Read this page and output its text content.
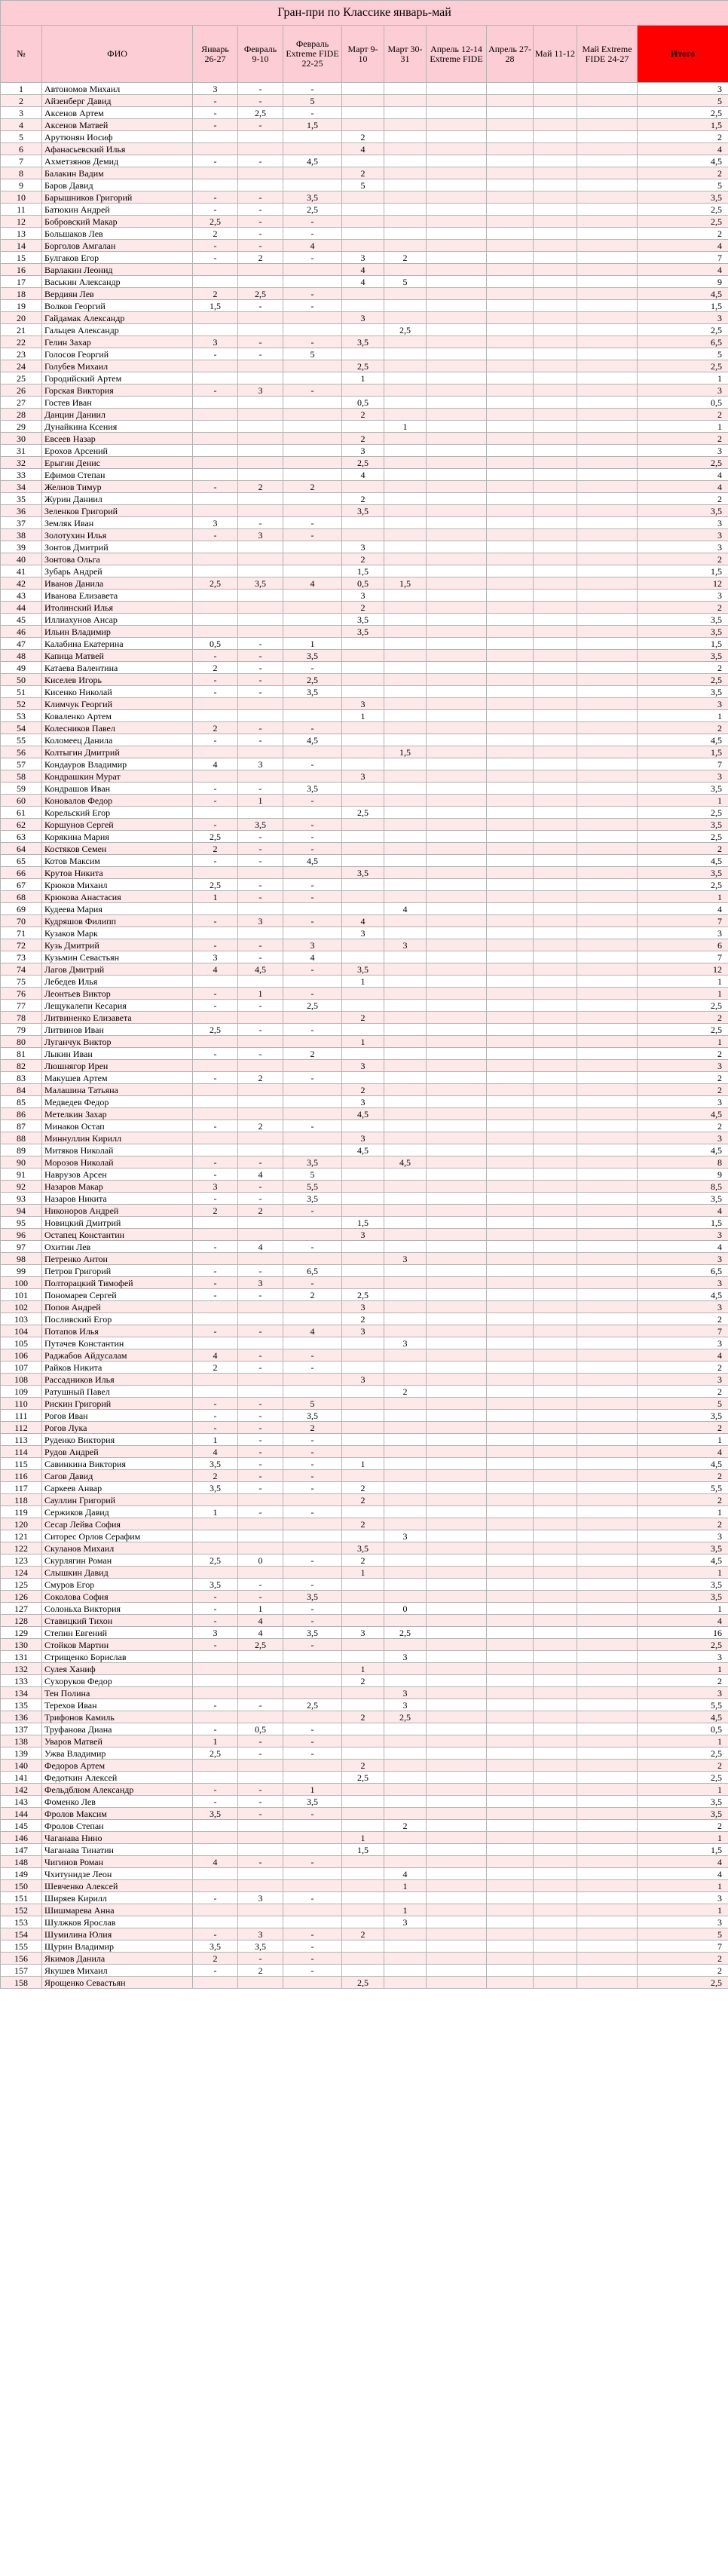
Гран-при по Классике январь-май											
№	ФИО	Январь 26-27	Февраль 9-10	Февраль Extreme FIDE 22-25	Март 9-10	Март 30-31	Апрель 12-14 Extreme FIDE	Апрель 27-28	Май 11-12	Май Extreme FIDE 24-27	Итого
1	Автономов Михаил	3	-	-							3
2	Айзенберг Давид	-	-	5							5
3	Аксенов Артем	-	2,5	-							2,5
4	Аксенов Матвей	-	-	1,5							1,5
5	Арутюнян Иосиф				2						2
6	Афанасьевский Илья				4						4
7	Ахметзянов Демид	-	-	4,5							4,5
8	Балакин Вадим				2						2
9	Баров Давид				5						5
10	Барышников Григорий	-	-	3,5							3,5
11	Батюкин Андрей	-	-	2,5							2,5
12	Бобровский Макар	2,5	-	-							2,5
13	Большаков Лев	2	-	-							2
14	Борголов Амгалан	-	-	4							4
15	Булгаков Егор	-	2	-	3	2					7
16	Варлакин Леонид				4						4
17	Васькин Александр				4	5					9
18	Вердиян Лев	2	2,5	-							4,5
19	Волков Георгий	1,5	-	-							1,5
20	Гайдамак Александр				3						3
21	Гальцев Александр					2,5					2,5
22	Гелин Захар	3	-	-	3,5						6,5
23	Голосов Георгий	-	-	5							5
24	Голубев Михаил				2,5						2,5
25	Городийский Артем				1						1
26	Горская Виктория	-	3	-							3
27	Гостев Иван				0,5						0,5
28	Данцин Даниил				2						2
29	Дунайкина Ксения					1					1
30	Евсеев Назар				2						2
31	Ерохов Арсений				3						3
32	Ерыгин Денис				2,5						2,5
33	Ефимов Степан				4						4
34	Желнов Тимур	-	2	2							4
35	Журин Даниил				2						2
36	Зеленков Григорий				3,5						3,5
37	Земляк Иван	3	-	-							3
38	Золотухин Илья	-	3	-							3
39	Зонтов Дмитрий				3						3
40	Зонтова Ольга				2						2
41	Зубарь Андрей				1,5						1,5
42	Иванов Данила	2,5	3,5	4	0,5	1,5					12
43	Иванова Елизавета				3						3
44	Итолинский Илья				2						2
45	Иллиахунов Ансар				3,5						3,5
46	Ильин Владимир				3,5						3,5
47	Калабина Екатерина	0,5	-	1							1,5
48	Капица Матвей	-	-	3,5							3,5
49	Катаева Валентина	2	-	-							2
50	Киселев Игорь	-	-	2,5							2,5
51	Кисенко Николай	-	-	3,5							3,5
52	Климчук Георгий				3						3
53	Коваленко Артем				1						1
54	Колесников Павел	2	-	-							2
55	Коломеец Данила	-	-	4,5							4,5
56	Колтыгин Дмитрий					1,5					1,5
57	Кондауров Владимир	4	3	-							7
58	Кондрашкин Мурат				3						3
59	Кондрашов Иван	-	-	3,5							3,5
60	Коновалов Федор	-	1	-							1
61	Корельский Егор				2,5						2,5
62	Коршунов Сергей	-	3,5	-							3,5
63	Корякина Мария	2,5	-	-							2,5
64	Костяков Семен	2	-	-							2
65	Котов Максим	-	-	4,5							4,5
66	Крутов Никита				3,5						3,5
67	Крюков Михаил	2,5	-	-							2,5
68	Крюкова Анастасия	1	-	-							1
69	Кудеева Мария					4					4
70	Кудряшов Филипп	-	3	-	4						7
71	Кузаков Марк				3						3
72	Кузь Дмитрий	-	-	3		3					6
73	Кузьмин Севастьян	3	-	4							7
74	Лагов Дмитрий	4	4,5	-	3,5						12
75	Лебедев Илья				1						1
76	Леонтьев Виктор	-	1	-							1
77	Лещукалепи Кесария	-	-	2,5							2,5
78	Литвиненко Елизавета				2						2
79	Литвинов Иван	2,5	-	-							2,5
80	Луганчук Виктор				1						1
81	Лыкин Иван	-	-	2							2
82	Люшнягор Ирен				3						3
83	Макушев Артем	-	2	-							2
84	Малашина Татьяна				2						2
85	Медведев Федор				3						3
86	Метелкин Захар				4,5						4,5
87	Минаков Остап	-	2	-							2
88	Миннуллин Кирилл				3						3
89	Митяков Николай				4,5						4,5
90	Морозов Николай	-	-	3,5		4,5					8
91	Наврузов Арсен	-	4	5							9
92	Назаров Макар	3	-	5,5							8,5
93	Назаров Никита	-	-	3,5							3,5
94	Никоноров Андрей	2	2	-							4
95	Новицкий Дмитрий				1,5						1,5
96	Остапец Константин				3						3
97	Охитин Лев	-	4	-							4
98	Петренко Антон					3					3
99	Петров Григорий	-	-	6,5							6,5
100	Полторацкий Тимофей	-	3	-							3
101	Пономарев Сергей	-	-	2	2,5						4,5
102	Попов Андрей				3						3
103	Посливский Егор				2						2
104	Потапов Илья	-	-	4	3						7
105	Путачев Константин					3					3
106	Раджабов Айдусалам	4	-	-							4
107	Райков Никита	2	-	-							2
108	Рассадников Илья				3						3
109	Ратушный Павел					2					2
110	Рискин Григорий	-	-	5							5
111	Рогов Иван	-	-	3,5							3,5
112	Рогов Лука	-	-	2							2
113	Руденко Виктория	1	-	-							1
114	Рудов Андрей	4	-	-							4
115	Савинкина Виктория	3,5	-	-	1						4,5
116	Сагов Давид	2	-	-							2
117	Саркеев Анвар	3,5	-	-	2						5,5
118	Сауллин Григорий				2						2
119	Сержиков Давид	1	-	-							1
120	Сесар Лейва София				2						2
121	Ситорес Орлов Серафим					3					3
122	Скуланов Михаил				3,5						3,5
123	Скурлягин Роман	2,5	0	-	2						4,5
124	Слышкин Давид				1						1
125	Смуров Егор	3,5	-	-							3,5
126	Соколова София	-	-	3,5							3,5
127	Солоньха Виктория	-	1	-		0					1
128	Ставицкий Тихон	-	4	-							4
129	Степин Евгений	3	4	3,5	3	2,5					16
130	Стойков Мартин	-	2,5	-							2,5
131	Стрищенко Борислав					3					3
132	Сулея Ханиф				1						1
133	Сухоруков Федор				2						2
134	Тен Полина					3					3
135	Терехов Иван	-	-	2,5		3					5,5
136	Трифонов Камиль				2	2,5					4,5
137	Труфанова Диана	-	0,5	-							0,5
138	Уваров Матвей	1	-	-							1
139	Ужва Владимир	2,5	-	-							2,5
140	Федоров Артем				2						2
141	Федоткин Алексей				2,5						2,5
142	Фельдблюм Александр	-	-	1							1
143	Фоменко Лев	-	-	3,5							3,5
144	Фролов Максим	3,5	-	-							3,5
145	Фролов Степан					2					2
146	Чаганава Нино				1						1
147	Чаганава Тинатин				1,5						1,5
148	Чигинов Роман	4	-	-							4
149	Чхитунидзе Леон					4					4
150	Шевченко Алексей					1					1
151	Ширяев Кирилл	-	3	-							3
152	Шишмарева Анна					1					1
153	Шулжков Ярослав					3					3
154	Шумилина Юлия	-	3	-	2						5
155	Щурин Владимир	3,5	3,5	-							7
156	Якимов Данила	2	-	-							2
157	Якушев Михаил	-	2	-							2
158	Ярощенко Севастьян				2,5						2,5
